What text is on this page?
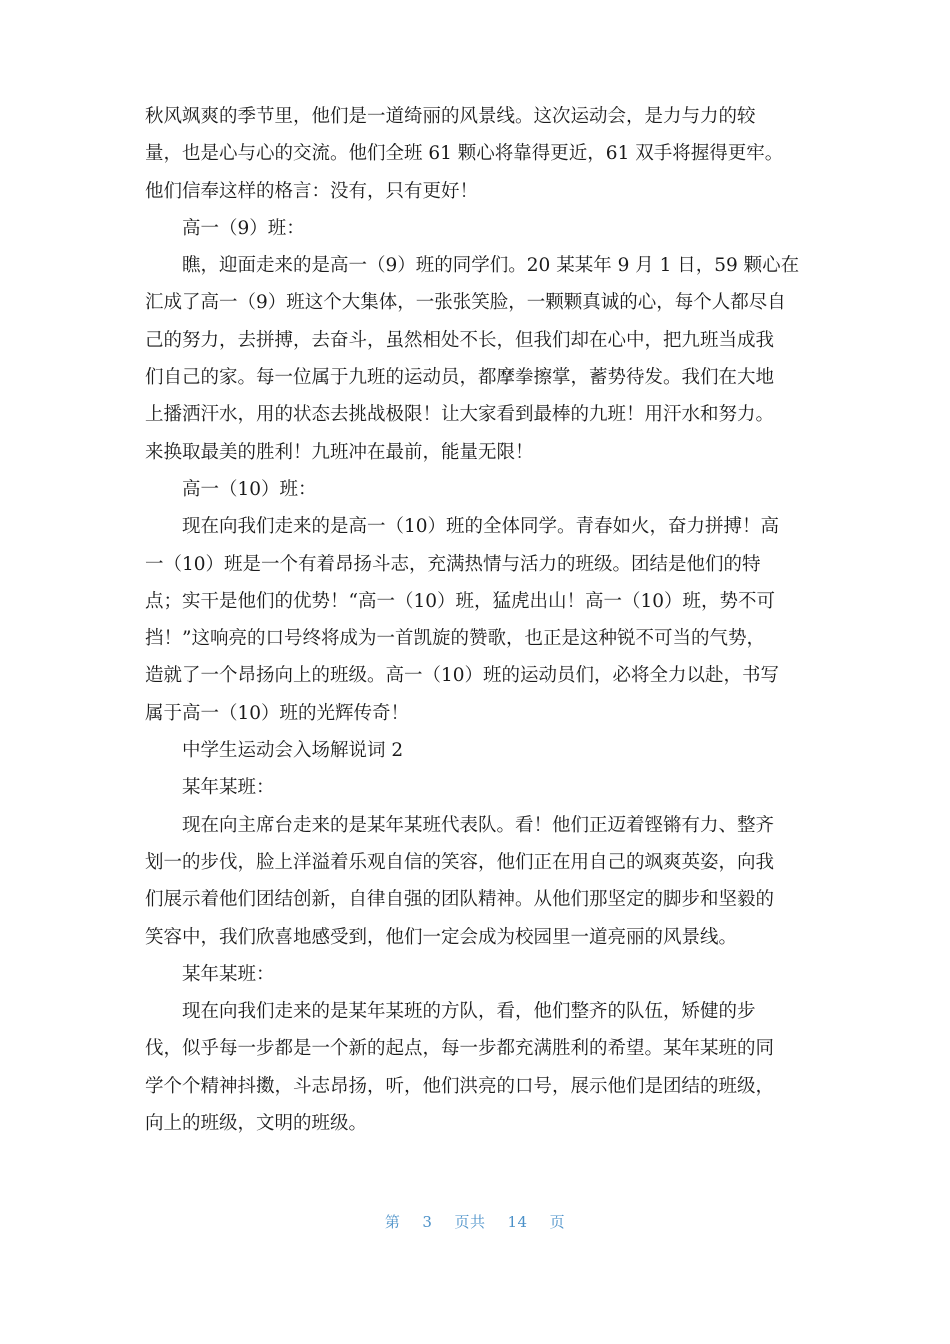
秋风飒爽的季节里，他们是一道绮丽的风景线。这次运动会，是力与力的较
量，也是心与心的交流。他们全班 61 颗心将靠得更近，61 双手将握得更牢。
他们信奉这样的格言：没有，只有更好！
高一（9）班：
瞧，迎面走来的是高一（9）班的同学们。20 某某年 9 月 1 日，59 颗心在
汇成了高一（9）班这个大集体，一张张笑脸，一颗颗真诚的心，每个人都尽自
己的努力，去拼搏，去奋斗，虽然相处不长，但我们却在心中，把九班当成我
们自己的家。每一位属于九班的运动员，都摩拳擦掌，蓄势待发。我们在大地
上播洒汗水，用的状态去挑战极限！让大家看到最棒的九班！用汗水和努力。
来换取最美的胜利！九班冲在最前，能量无限！
高一（10）班：
现在向我们走来的是高一（10）班的全体同学。青春如火，奋力拼搏！高
一（10）班是一个有着昂扬斗志，充满热情与活力的班级。团结是他们的特
点；实干是他们的优势！“高一（10）班，猛虎出山！高一（10）班，势不可
挡！”这响亮的口号终将成为一首凯旋的赞歌，也正是这种锐不可当的气势，
造就了一个昂扬向上的班级。高一（10）班的运动员们，必将全力以赴，书写
属于高一（10）班的光辉传奇！
中学生运动会入场解说词 2
某年某班：
现在向主席台走来的是某年某班代表队。看！他们正迈着铿锵有力、整齐
划一的步伐，脸上洋溢着乐观自信的笑容，他们正在用自己的飒爽英姿，向我
们展示着他们团结创新，自律自强的团队精神。从他们那坚定的脚步和坚毅的
笑容中，我们欣喜地感受到，他们一定会成为校园里一道亮丽的风景线。
某年某班：
现在向我们走来的是某年某班的方队，看，他们整齐的队伍，矫健的步
伐，似乎每一步都是一个新的起点，每一步都充满胜利的希望。某年某班的同
学个个精神抖擞，斗志昂扬，听，他们洪亮的口号，展示他们是团结的班级，
向上的班级，文明的班级。
第 3 页共 14 页
